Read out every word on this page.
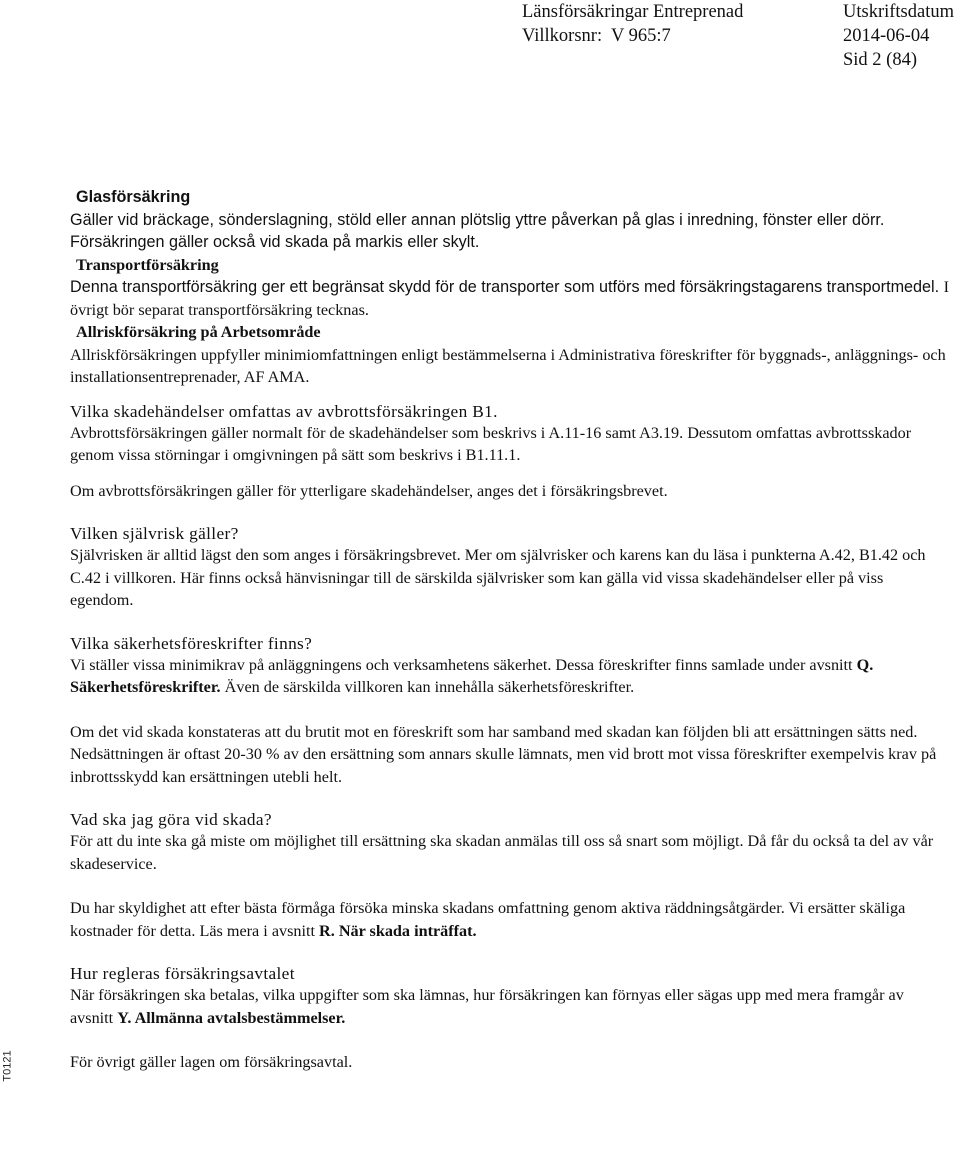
Länsförsäkringar Entreprenad
Villkorsnr:  V 965:7
Utskriftsdatum
2014-06-04
Sid 2 (84)
T0121
Glasförsäkring
Gäller vid bräckage, sönderslagning, stöld eller annan plötslig yttre påverkan på glas i inredning, fönster eller dörr. Försäkringen gäller också vid skada på markis eller skylt.
Transportförsäkring
Denna transportförsäkring ger ett begränsat skydd för de transporter som utförs med försäkringstagarens transportmedel. I övrigt bör separat transportförsäkring tecknas.
Allriskförsäkring på Arbetsområde
Allriskförsäkringen uppfyller minimiomfattningen enligt bestämmelserna i Administrativa föreskrifter för byggnads-, anläggnings- och installationsentreprenader, AF AMA.
Vilka skadehändelser omfattas av avbrottsförsäkringen B1.

Avbrottsförsäkringen gäller normalt för de skadehändelser som beskrivs i A.11-16 samt A3.19. Dessutom omfattas avbrottsskador genom vissa störningar i omgivningen på sätt som beskrivs i B1.11.1.

Om avbrottsförsäkringen gäller för ytterligare skadehändelser, anges det i försäkringsbrevet.

Vilken självrisk gäller?

Självrisken är alltid lägst den som anges i försäkringsbrevet. Mer om självrisker och karens kan du läsa i punkterna A.42, B1.42 och C.42 i villkoren. Här finns också hänvisningar till de särskilda självrisker som kan gälla vid vissa skadehändelser eller på viss egendom.

Vilka säkerhetsföreskrifter finns?

Vi ställer vissa minimikrav på anläggningens och verksamhetens säkerhet. Dessa föreskrifter finns samlade under avsnitt Q. Säkerhetsföreskrifter. Även de särskilda villkoren kan innehålla säkerhetsföreskrifter.

Om det vid skada konstateras att du brutit mot en föreskrift som har samband med skadan kan följden bli att ersättningen sätts ned. Nedsättningen är oftast 20-30 % av den ersättning som annars skulle lämnats, men vid brott mot vissa föreskrifter exempelvis krav på inbrottsskydd kan ersättningen utebli helt.

Vad ska jag göra vid skada?

För att du inte ska gå miste om möjlighet till ersättning ska skadan anmälas till oss så snart som möjligt. Då får du också ta del av vår skadeservice.

Du har skyldighet att efter bästa förmåga försöka minska skadans omfattning genom aktiva räddningsåtgärder. Vi ersätter skäliga kostnader för detta. Läs mera i avsnitt R. När skada inträffat.

Hur regleras försäkringsavtalet

När försäkringen ska betalas, vilka uppgifter som ska lämnas, hur försäkringen kan förnyas eller sägas upp med mera framgår av avsnitt Y. Allmänna avtalsbestämmelser.

För övrigt gäller lagen om försäkringsavtal.
